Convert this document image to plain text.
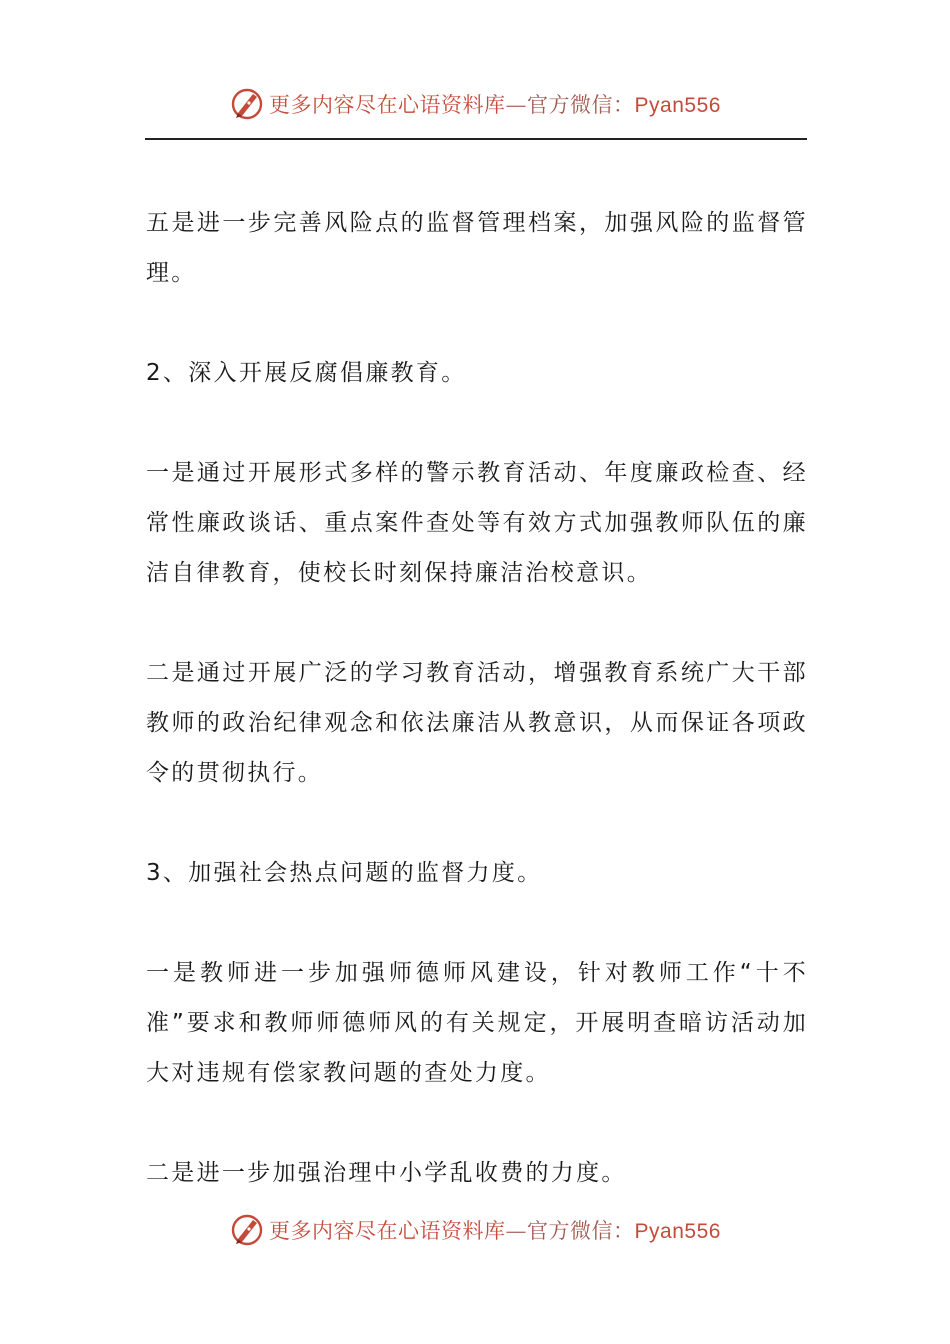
更多内容尽在心语资料库—官方微信：Pyan556

五是进一步完善风险点的监督管理档案，加强风险的监督管理。

2、深入开展反腐倡廉教育。

一是通过开展形式多样的警示教育活动、年度廉政检查、经常性廉政谈话、重点案件查处等有效方式加强教师队伍的廉洁自律教育，使校长时刻保持廉洁治校意识。

二是通过开展广泛的学习教育活动，增强教育系统广大干部教师的政治纪律观念和依法廉洁从教意识，从而保证各项政令的贯彻执行。

3、加强社会热点问题的监督力度。

一是教师进一步加强师德师风建设，针对教师工作“十不准”要求和教师师德师风的有关规定，开展明查暗访活动加大对违规有偿家教问题的查处力度。

二是进一步加强治理中小学乱收费的力度。

更多内容尽在心语资料库—官方微信：Pyan556
